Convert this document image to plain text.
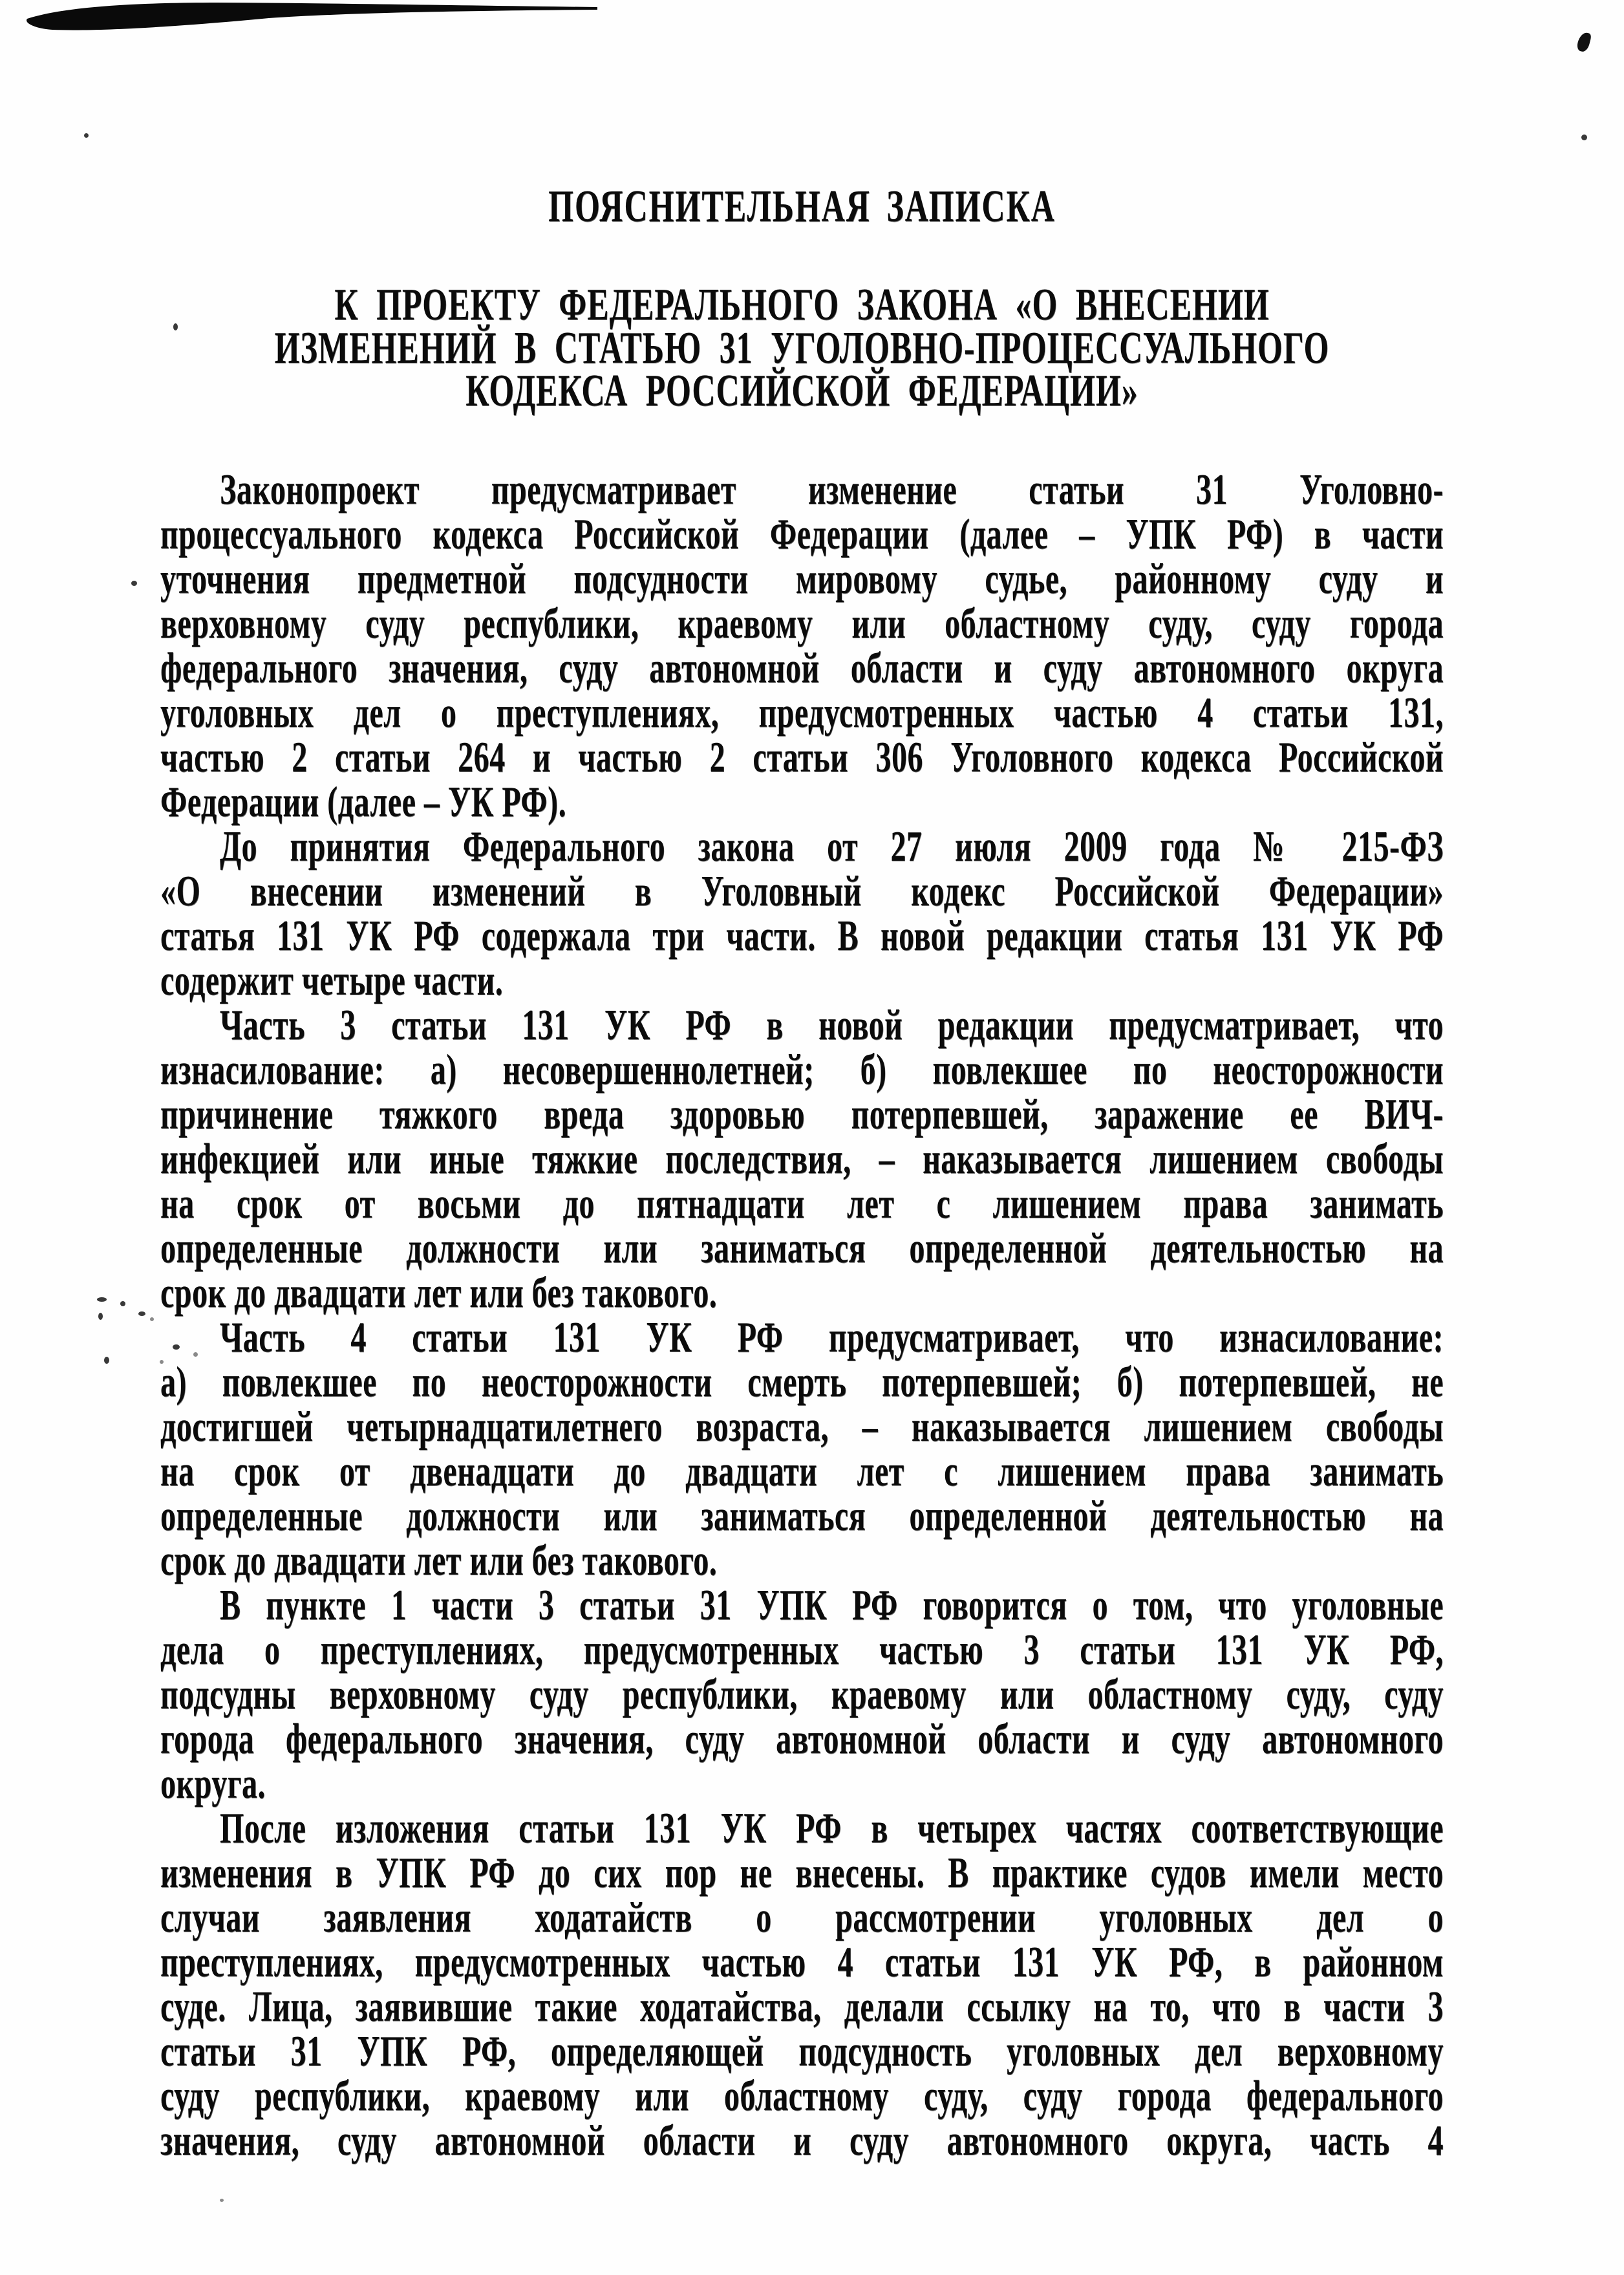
ПОЯСНИТЕЛЬНАЯ ЗАПИСКА
К ПРОЕКТУ ФЕДЕРАЛЬНОГО ЗАКОНА «О ВНЕСЕНИИ
ИЗМЕНЕНИЙ В СТАТЬЮ 31 УГОЛОВНО-ПРОЦЕССУАЛЬНОГО
КОДЕКСА РОССИЙСКОЙ ФЕДЕРАЦИИ»
Законопроект предусматривает изменение статьи 31 Уголовно-
процессуального кодекса Российской Федерации (далее – УПК РФ) в части
уточнения предметной подсудности мировому судье, районному суду и
верховному суду республики, краевому или областному суду, суду города
федерального значения, суду автономной области и суду автономного округа
уголовных дел о преступлениях, предусмотренных частью 4 статьи 131,
частью 2 статьи 264 и частью 2 статьи 306 Уголовного кодекса Российской
Федерации (далее – УК РФ).
До принятия Федерального закона от 27 июля 2009 года № 215-ФЗ
«О внесении изменений в Уголовный кодекс Российской Федерации»
статья 131 УК РФ содержала три части. В новой редакции статья 131 УК РФ
содержит четыре части.
Часть 3 статьи 131 УК РФ в новой редакции предусматривает, что
изнасилование: а) несовершеннолетней; б) повлекшее по неосторожности
причинение тяжкого вреда здоровью потерпевшей, заражение ее ВИЧ-
инфекцией или иные тяжкие последствия, – наказывается лишением свободы
на срок от восьми до пятнадцати лет с лишением права занимать
определенные должности или заниматься определенной деятельностью на
срок до двадцати лет или без такового.
Часть 4 статьи 131 УК РФ предусматривает, что изнасилование:
а) повлекшее по неосторожности смерть потерпевшей; б) потерпевшей, не
достигшей четырнадцатилетнего возраста, – наказывается лишением свободы
на срок от двенадцати до двадцати лет с лишением права занимать
определенные должности или заниматься определенной деятельностью на
срок до двадцати лет или без такового.
В пункте 1 части 3 статьи 31 УПК РФ говорится о том, что уголовные
дела о преступлениях, предусмотренных частью 3 статьи 131 УК РФ,
подсудны верховному суду республики, краевому или областному суду, суду
города федерального значения, суду автономной области и суду автономного
округа.
После изложения статьи 131 УК РФ в четырех частях соответствующие
изменения в УПК РФ до сих пор не внесены. В практике судов имели место
случаи заявления ходатайств о рассмотрении уголовных дел о
преступлениях, предусмотренных частью 4 статьи 131 УК РФ, в районном
суде. Лица, заявившие такие ходатайства, делали ссылку на то, что в части 3
статьи 31 УПК РФ, определяющей подсудность уголовных дел верховному
суду республики, краевому или областному суду, суду города федерального
значения, суду автономной области и суду автономного округа, часть 4
